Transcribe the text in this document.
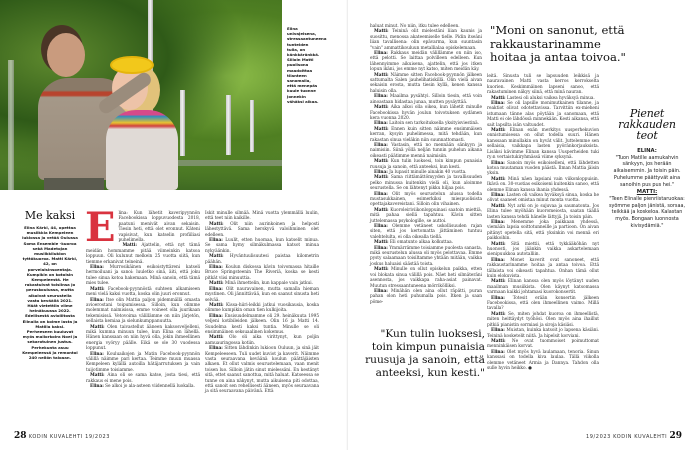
Elina univajeisena, stressaantuneena tunteiden tulla, on känkkäränkkä. Silloin Matti puolisona maadoittaa tilanteen sanomalla, että menepäs kuule tuonne jonnekin vähäksi aikaa.

Me kaksi

Elina Kärki, 44, opettaa musiikkia Kempeleen lukiossa ja vetää Oulussa Soma Ensemble -kuoroa sekä Madetojan musiikkilukion tyttökuoroa. Matti Kärki, 42, on porvelaisinsoentaja. Kumpikin on kotoisin Kempeleestä. He rakastuivat toisiinsa jo peruskoulussa, mutta alkoivat seurustella vasta keväällä 2021. Häät vietettiin viime heinäkuussa 2022. Edellisestä avioliitosta Elinalla on kolme lasta ja Matilla kaksi. Perheeseen kuuluvat myös mallorkoira Noel ja sekarotuinen Justus. Perhekunta asuu Kempeleessä ja remontoi 240 neliön taloaan.

E lina: Kun lähetit kaveripyynnön Facebookissa loppuvuodesta 2018, paatuni menivät aivan sekaisin. Tiesin heti, että olet eronnut. Käteni vapisivat, kun katselin profiiliasi puhelimella.

Matti: Ajattelin, että nyt tämä meidän hommamme pitää viimeinkin katsoa loppuun. Oli kulunut melkein 25 vuotta siitä, kun tiemme erkanivat teineinä.

Elina: Murrosikäinen esikoistyttäreni katseli hermoiluani ja sanoi: luuletko sinä, äiti, että joku tulee sinua kotoa hakemaan. Minä sanoin, että tämä mies tulee.

Matti: Facebook-pyynnöstä suhteen alkamiseen meni vielä kaksi vuotta, koska olin juuri eronnut.

Elina: Itse olin Mattia paljon pidemmällä omasta avioerostani toipumisessa. Silloin, kun olimme molemmat naimisissa, emme voineet olla juurikaan tekemisissä. Vetovoima välillämme on niin järjetön, sellaista kemiaa ja sielunkumppanuutta.

Matti: Olen taivastellut ääneen kaksosveljelleni, mikä kumma minuun tulee, kun Elina on lähellä. Hänen kanssaan on niin hyvä olla, jokin ihmeellinen energia vyöryy päälle. Eikä se ole 30 vuodessa loppunut.

Elina: Kouluaikojen ja Matin Facebook-pyynnön välillä näimme pari kertaa. Teimme muun muassa Kempeleen kylällä autoilla hätäjarrutuksen ja vain tuijotimme toisiamme.

Matti: Aina oli se sama katse, josta tiesi, että rakkaus ei mene pois.

Elina: Se alkoi jo ala-asteen viidennellä luokalla.

Iskit minulle silmää. Minä vuotta ylemmällä luulin, että teet niin kaikille.

Matti: Olit niin aurinkoinen ja helposti lähestyttävä. Sama herskyvä valoihminen olet edelleen.

Elina: Luulit, etten huomaa, kun katselit minua. Se sama hymy silmäkulmassa katsot minua nykyäänkin.

Matti: Hyväntuulisuutesi paistaa kilometrin päähän.

Elina: Koulun diskossa kävin toivomassa hitaille Bruce Springsteenin The Riveriä, koska se kesti pitkät viisi minuuttia.

Matti: Minä ihmettelin, kun kappale vain jatkui.

Elina: Olit nauravainen, mutta samalla hieman mystinen. Oli jännittävää, kun en saanut sinusta heti selvää.

Matti: Kissa-hiiri-leikki jatkui vuosikausia, koska olimme kumpikin oman tien kulkijoita.

Elina: Ensisuudelmamme oli 29. heinäkuuta 1995 veljeni kotibileiden jälkeen. Olin 16 ja Matti 14. Suudelma kesti kaksi tuntia. Minulle se oli ensimmäinen seksuaalinen kokemus.

Matti: Olo oli aika virittynyt, kun poljin aamuauringossa kotiin.

Elina: Sitten lähdinkin lukioon Ouluun, ja sinä jäit Kempeleeseen. Tuli uudet kuviot ja kaverit. Näimme vasta seuraavana keväänä koulun päättäjäisten alkaen. Et ollut valmis seurustelemaan, vaan menit toisen luo. Silloin jätin sinut mielessäni. En kestänyt sitä, ettet saanut sanottua, mitä haluat. Katseessa se tunne on aina näkynyt, mutta aikuisena piti odottaa, että sanoit sen rehellisesti ääneen, myös seuraavana ja sitä seuraavana päivänä. Että

28 KODIN KUVALEHTI 19/2023

haluat minut. No niin, itku tulee edelleen.

Matti: Teininä olit mielestäni liian kaunis ja suosittu, menossa akateemiselle tielle. Pidin itseäni liian tavallisena: olin epävarma, kun suuntasin "vain" ammattikouluun metallialaa opiskelemaan.

Elina: Rakkaus meidän välillämme on niin iso, että pelotti. Se laittaa polvilleen edelleen. Kun lähennyimme aikuisena, ajattelin, että jos itken lopun ikäni, jos emme nyt katso, miten meidän käy.

Matti: Näimme sitten Facebook-pyynnön jälkeen sattumalta Salen jauhelihatiskillä. Olin vielä aivan sekaisin erosta, mutta tiesin kyllä, kenen kanssa haluisin olla.

Elina: Maailma pysähtyi. Silloin tiesin, että voin ainoastaan hidastaa junaa, mutten pysäyttää.

Matti: Aika alkoi olla oikea, kun lähetit minulle Facebookissa hyvän joulun toivotuksen sydämen kera vuonna 2020.

Elina: Laitoin sen tarkoituksella yksityisviestinä.

Matti: Ennen kuin sitten näimme ensimmäisen kerran, kysyin puhelimessa, mitä tehdään, kun rakastan sinua vieläkin niin suunnattomasti.

Elina: Vastasin, että no mennään sänkyyn ja naimisiin. Siinä yöllä neljän tunnin puhelun aikana oikeasti päätimme mennä naimisiin.

Matti: Kun tulin luoksesi, toin kimpun punaisia ruusuja ja sanoin, että anteeksi, kun kesti.

Elina: Ja lupasit minulle ainakin 40 vuotta.

Matti: Sama riittämättömyyden ja tavallisuuden pelko minussa kuitenkin vielä oli, kun aloimme seurustella. Se on lähtenyt pikku hiljaa pois.

Elina: Olit myös seurustelun alussa todella mustasukkainen, esimerkiksi miespuolisista opettajakavereistani. Silloin olin vihainen.

Matti: Kuoroleiriviikonloppuinasi saatoin miettiä, mitä pahaa siellä tapahtuu. Kävin sitten juttelemassa psykologille, se auttoi.

Elina: Olemme vetäneet uskollisuuden rajan siten, että jos kertomatta jättäminen tuntuu valehtelulta, ei olla oikealla tiellä.

Matti: Eli omatunto alkaa kolkuttaa.

Elina: Ymmärrämme toisiamme puolesta sanasta, mikä seurustelun alussa oli myös pelottavaa. Emme pysty salaamaan toisiltamme yhtään mitään, vaikka joskus haluaisi säästää toista.

Matti: Minulle on ollut opiskelun paikka, etten voi blokata sinua välillä pois. Näet heti silmäteräni asennosta, jos vaikkapa raha-asiat painavat. Muutun stressaantuneena mörrikölliksi.

Elina: Minähän olen aina ollut räpätti, puran pahan olon heti puhumalla pois. Itken ja saan pöme-

"Moni on sanonut, että rakkaustarinamme hoitaa ja antaa toivoa."

leitä. Sinusta tuli se lapsuuden leikkisä ja nauravainen Matti vasta kerros kerrokselta kuorien. Keskimmäinen lapseni sanoo, että rakastuminen näkyy siinä, että minä nauran.

Matti: Lastesi oli aluksi vaikea hyväksyä minua.

Elina: Se oli lapsille monimutkainen tilanne, ja reaktiot olivat odotettavissa. Tarvittiin ex-mieheni istumaan tänne alas pöytään ja sanomaan, että Matti ei ole lähdössä minnekään. Kesti aikansa, että sait lapsilta isän valtuudet.

Matti: Elinan exän merkitys uusperhekuvion onnistumisessa on ollut todella suuri. Hänen kanssaan minullakin on hyvät välit. Juttelemme sen sellaisia, vaikkapa lasten pyöränkorjauksista. Lisäksi kävimme Elinan kanssa Uusperheiden tuki ry:n vertaistukiryhmässä viime syksynä.

Elina: Sanoin myös esikoiselleni, että lähdetten kotoa muutaman vuoden päästä. Ilman Mattia jäisin yksin.

Matti: Minä näen lapsiani vain viikonloppuisin. Ikävä on. 30-vuotias esikoiseni kuitenkin sanoo, että olemme Elinan kanssa ihania yhdessä.

Elina: Lasten oli vaikea hyväksyä sinua, koska he olivat saaneet omistaa minut monta vuotta.

Matti: Nyt arki on jo sujuvaa ja saumatonta. Jos Elina tulee myöhään kuoromeiosta, saatan täällä lasten kanssa tehdä hänelle lättyjä. Ja toisin päin.

Elina: Menemme joka paikkaan yhdessä, viemään lapsia soittotunneille ja partioon. On aivan pitänyt opetella sitä, että yksinkin voi mennä eri paikkoihin.

Matti: Sitä miettii, että tykkääköhän nyt huonosti, jos jäänkin vaikka askartelemaan sienipuukkoa autotalliin.

Elina: Monet kaverit ovat sanoneet, että rakkaustarinamme hoitaa ja antaa toivoa. Että tällaista voi oikeasti tapahtua. Onhan tämä ollut kuin elokuvista.

Matti: Elinan kanssa olen myös löytänyt uuden maailman musiikista. Olen käynyt katsomassa varmaan kaikki johtamasi kuorokonsertit.

Elina: Totesit erään konsertin jälkeen Facebookissa, että olen ihmeellinen vaimo. Millä tavalla?

Matti: Se, miten johdat kuoroa on ihmeellistä, miten heittäydyt työhösi. Olen myös aina ihaillut pitkiä pianistin sormiasi ja siroja käsiäsi.

Elina: Muistan, kuinka katsoit jo lapsena käsiäni. Teininä kosketelit niitä. Ja hipelsit korviani.

Matti: Ne ovat tuommoiset poimuttomat menninkäisen korvat.

Elina: Olet myös hyvä laulamaan, tenoria. Sinun kanssasi on todella kiva laulaa. Tällä viikolla olemme vetäneet Armia ja Dannya. Tahdon olla sulle hyvin heikko. ●

"Kun tulin luoksesi, toin kimpun punaisia ruusuja ja sanoin, että anteeksi, kun kesti."

Pienet rakkauden teot
ELINA:

"Tuon Matille aamukahvin sänkyyn, jos herään aikaisemmin. Ja toisin päin. Puhelumme päättyvät aina sanoihin pus pus hei."

MATTI:

"Teen Elinalle pienriistaruokaa: syömme paljon jänistä, sorsaa, teikkää ja koskeloa. Kalastan myös. Bongaan luonnosta kivisydämiä."

19/2023 KODIN KUVALEHTI 29
